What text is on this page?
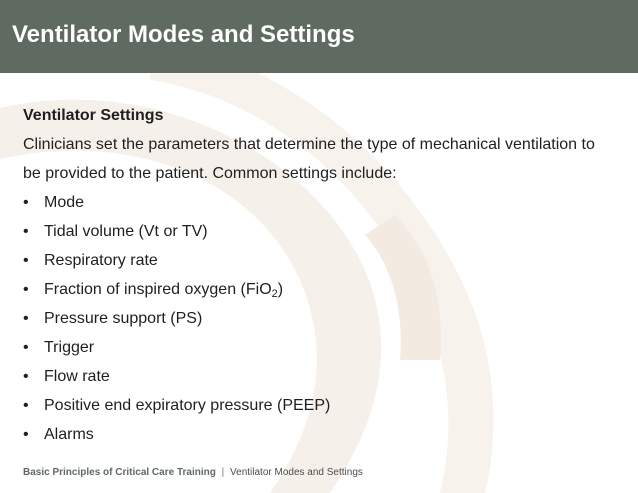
Ventilator Modes and Settings

Ventilator Settings

Clinicians set the parameters that determine the type of mechanical ventilation to
be provided to the patient. Common settings include:

• Mode
• Tidal volume (Vt or TV)
• Respiratory rate
• Fraction of inspired oxygen (FiO$_2$)
• Pressure support (PS)
• Trigger
• Flow rate
• Positive end expiratory pressure (PEEP)
• Alarms
Basic Principles of Critical Care Training | Ventilator Modes and Settings
